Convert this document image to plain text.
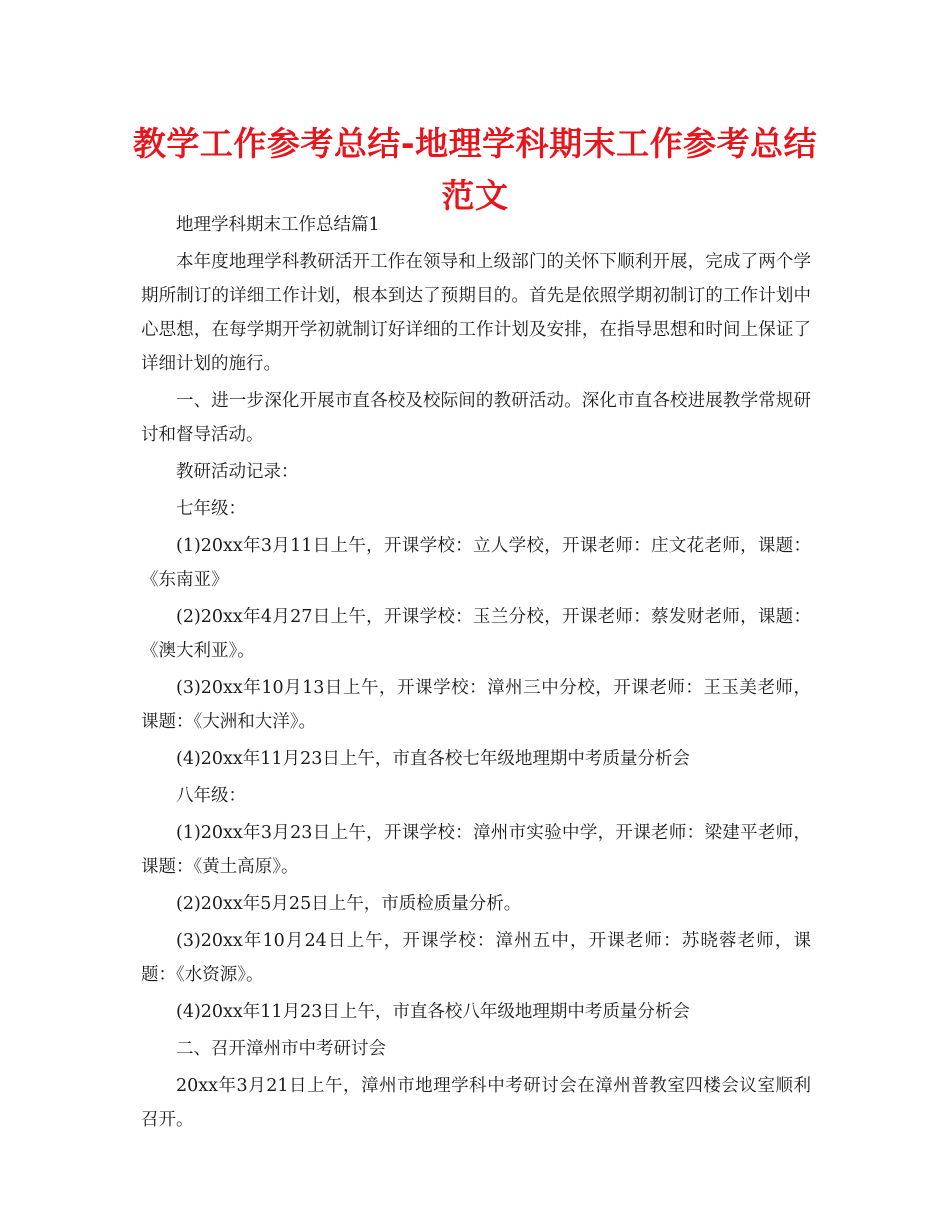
教学工作参考总结-地理学科期末工作参考总结范文

地理学科期末工作总结篇1

本年度地理学科教研活开工作在领导和上级部门的关怀下顺利开展，完成了两个学期所制订的详细工作计划，根本到达了预期目的。首先是依照学期初制订的工作计划中心思想，在每学期开学初就制订好详细的工作计划及安排，在指导思想和时间上保证了详细计划的施行。

一、进一步深化开展市直各校及校际间的教研活动。深化市直各校进展教学常规研讨和督导活动。

教研活动记录：

七年级：

(1)20xx年3月11日上午，开课学校：立人学校，开课老师：庄文花老师，课题：《东南亚》

(2)20xx年4月27日上午，开课学校：玉兰分校，开课老师：蔡发财老师，课题：《澳大利亚》。

(3)20xx年10月13日上午，开课学校：漳州三中分校，开课老师：王玉美老师，课题：《大洲和大洋》。

(4)20xx年11月23日上午，市直各校七年级地理期中考质量分析会

八年级：

(1)20xx年3月23日上午，开课学校：漳州市实验中学，开课老师：梁建平老师，课题：《黄土高原》。

(2)20xx年5月25日上午，市质检质量分析。

(3)20xx年10月24日上午，开课学校：漳州五中，开课老师：苏晓蓉老师，课题：《水资源》。

(4)20xx年11月23日上午，市直各校八年级地理期中考质量分析会

二、召开漳州市中考研讨会

20xx年3月21日上午，漳州市地理学科中考研讨会在漳州普教室四楼会议室顺利召开。
